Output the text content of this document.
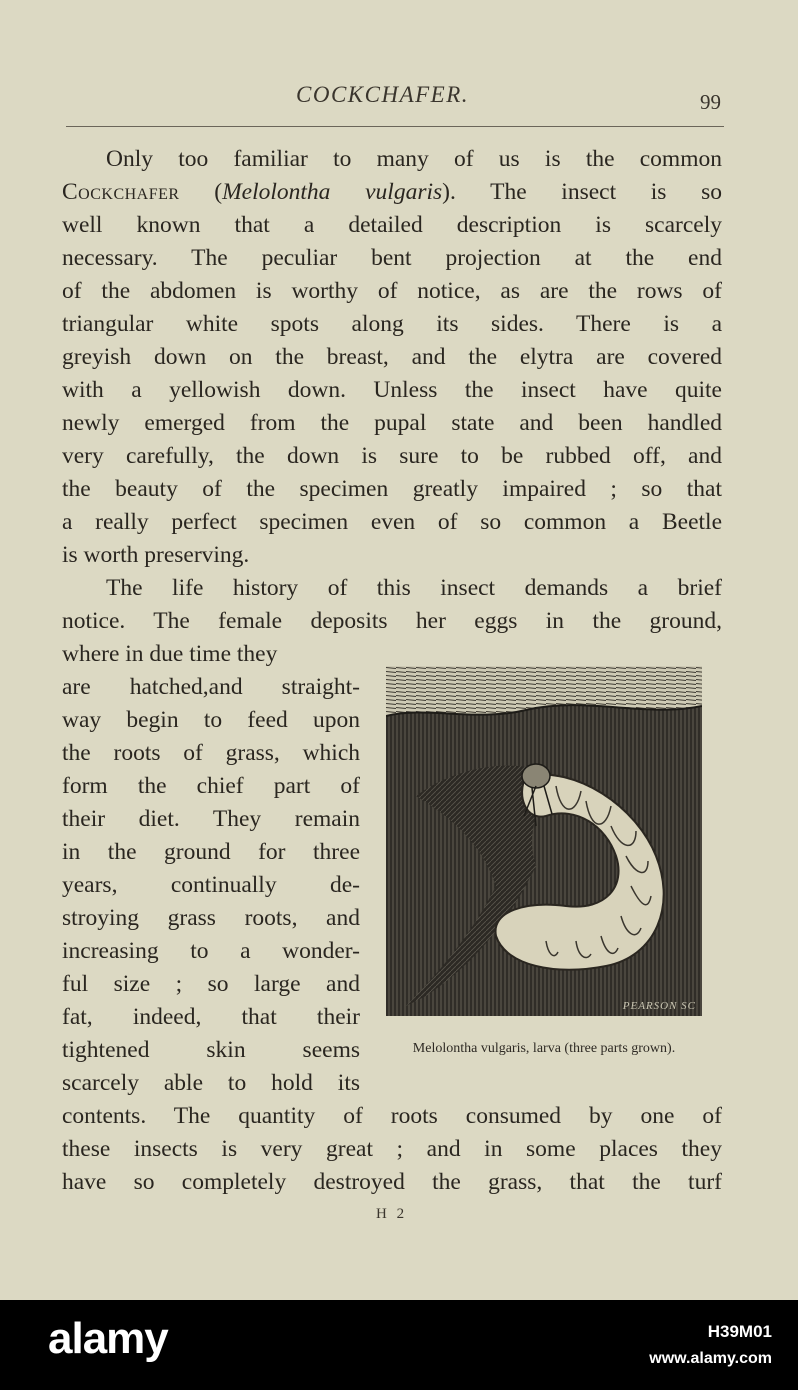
COCKCHAFER.	99
Only too familiar to many of us is the common
Cockchafer (Melolontha vulgaris). The insect is so
well known that a detailed description is scarcely
necessary. The peculiar bent projection at the end
of the abdomen is worthy of notice, as are the rows of
triangular white spots along its sides. There is a
greyish down on the breast, and the elytra are covered
with a yellowish down. Unless the insect have quite
newly emerged from the pupal state and been handled
very carefully, the down is sure to be rubbed off, and
the beauty of the specimen greatly impaired ; so that
a really perfect specimen even of so common a Beetle
is worth preserving.
The life history of this insect demands a brief
notice. The female deposits her eggs in the ground,
where in due time they
are hatched,and straight-
way begin to feed upon
the roots of grass, which
form the chief part of
their diet. They remain
in the ground for three
years, continually de-
stroying grass roots, and
increasing to a wonder-
ful size ; so large and
fat, indeed, that their
tightened skin seems
scarcely able to hold its
contents. The quantity of roots consumed by one of
these insects is very great ; and in some places they
have so completely destroyed the grass, that the turf
PEARSON SC
Melolontha vulgaris, larva (three parts grown).
H 2
alamy	H39M01
www.alamy.com
